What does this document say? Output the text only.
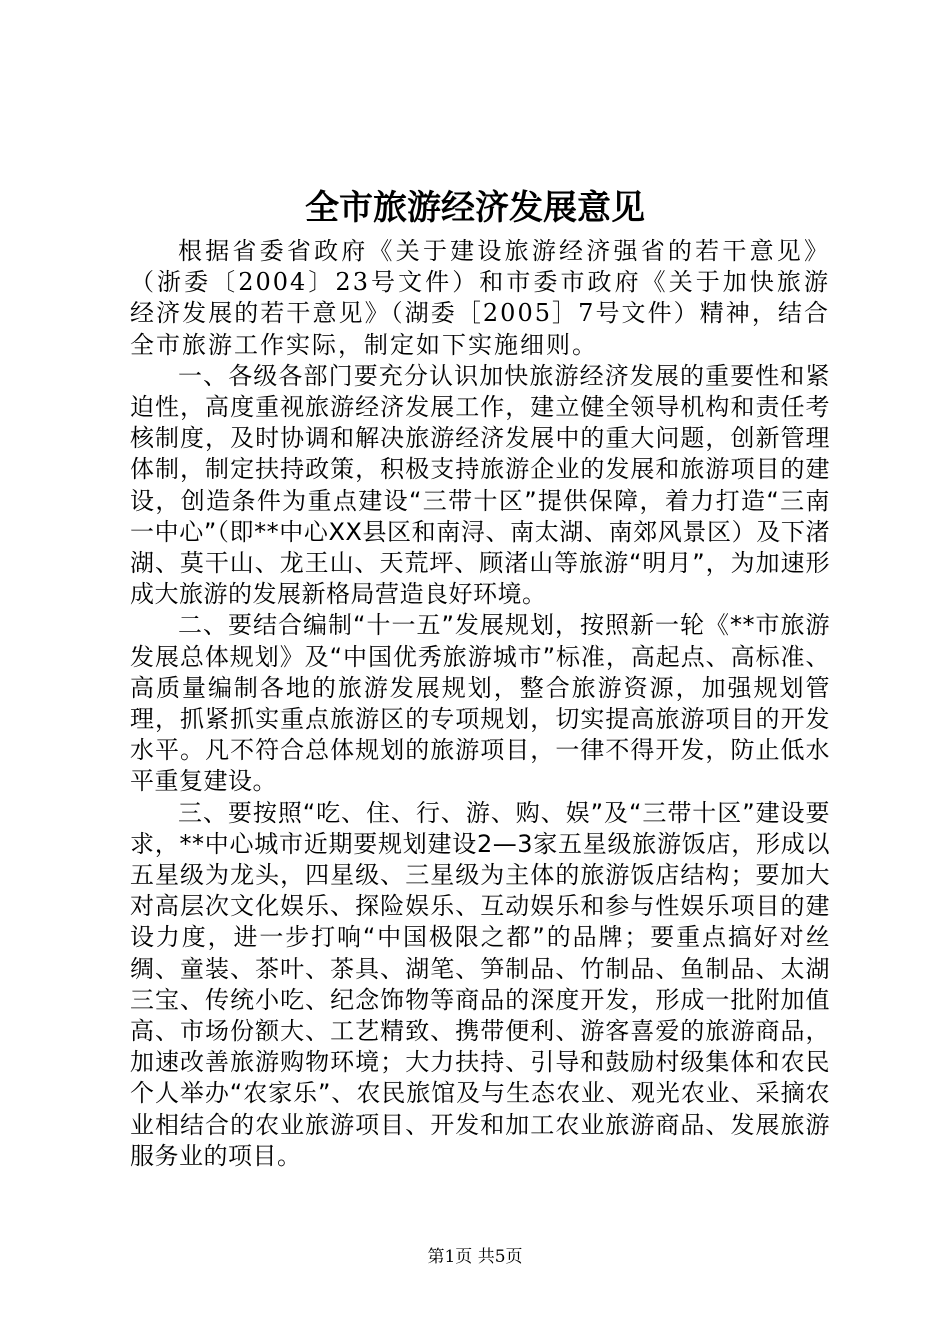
全市旅游经济发展意见

根据省委省政府《关于建设旅游经济强省的若干意见》（浙委〔2004〕23号文件）和市委市政府《关于加快旅游经济发展的若干意见》（湖委［2005］7号文件）精神，结合全市旅游工作实际，制定如下实施细则。

一、各级各部门要充分认识加快旅游经济发展的重要性和紧迫性，高度重视旅游经济发展工作，建立健全领导机构和责任考核制度，及时协调和解决旅游经济发展中的重大问题，创新管理体制，制定扶持政策，积极支持旅游企业的发展和旅游项目的建设，创造条件为重点建设“三带十区”提供保障，着力打造“三南一中心”（即**中心XX县区和南浔、南太湖、南郊风景区）及下渚湖、莫干山、龙王山、天荒坪、顾渚山等旅游“明月”，为加速形成大旅游的发展新格局营造良好环境。

二、要结合编制“十一五”发展规划，按照新一轮《**市旅游发展总体规划》及“中国优秀旅游城市”标准，高起点、高标准、高质量编制各地的旅游发展规划，整合旅游资源，加强规划管理，抓紧抓实重点旅游区的专项规划，切实提高旅游项目的开发水平。凡不符合总体规划的旅游项目，一律不得开发，防止低水平重复建设。

三、要按照“吃、住、行、游、购、娱”及“三带十区”建设要求，**中心城市近期要规划建设2—3家五星级旅游饭店，形成以五星级为龙头，四星级、三星级为主体的旅游饭店结构；要加大对高层次文化娱乐、探险娱乐、互动娱乐和参与性娱乐项目的建设力度，进一步打响“中国极限之都”的品牌；要重点搞好对丝绸、童装、茶叶、茶具、湖笔、笋制品、竹制品、鱼制品、太湖三宝、传统小吃、纪念饰物等商品的深度开发，形成一批附加值高、市场份额大、工艺精致、携带便利、游客喜爱的旅游商品，加速改善旅游购物环境；大力扶持、引导和鼓励村级集体和农民个人举办“农家乐”、农民旅馆及与生态农业、观光农业、采摘农业相结合的农业旅游项目、开发和加工农业旅游商品、发展旅游服务业的项目。

第1页 共5页
